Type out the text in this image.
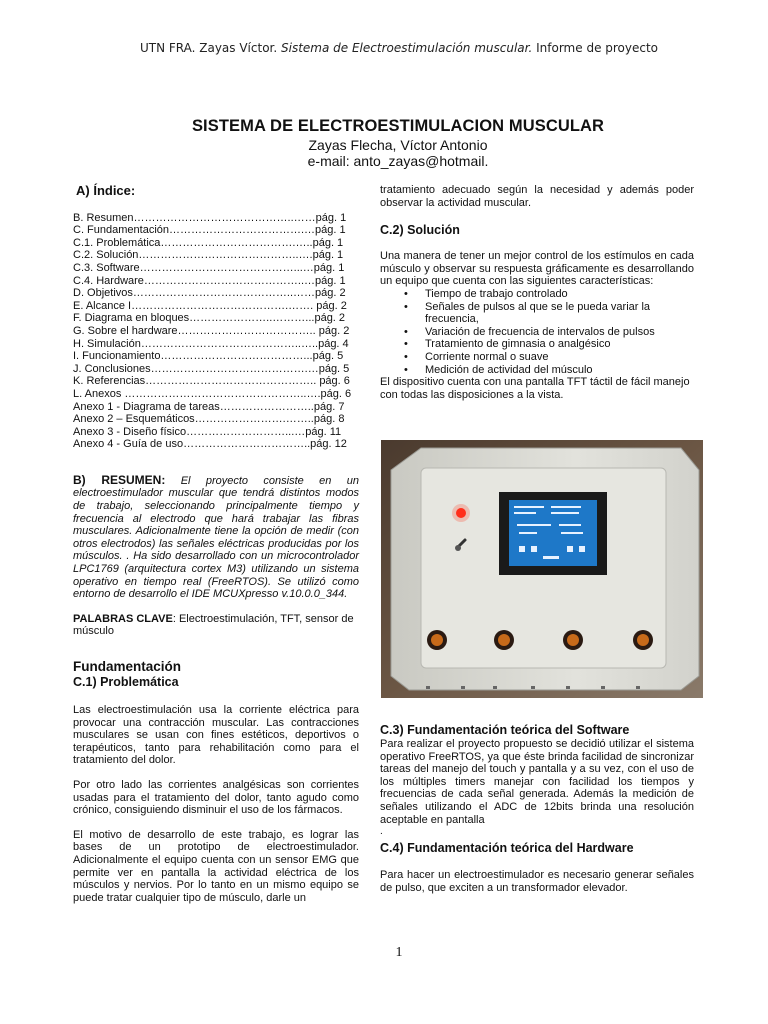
UTN FRA. Zayas Víctor. Sistema de Electroestimulación muscular. Informe de proyecto
SISTEMA DE ELECTROESTIMULACION MUSCULAR
Zayas Flecha, Víctor Antonio
e-mail: anto_zayas@hotmail.
A) Índice:
B. Resumen……………………………………..……pág. 1
C. Fundamentación……………………………….…pág. 1
C.1. Problemática……………………………….…..pág. 1
C.2. Solución……………………………………..….pág. 1
C.3. Software……………………………………...…pág. 1
C.4. Hardware……………………………………..…pág. 1
D. Objetivos……………………………………..……pág. 2
E. Alcance I…………………………………….……. pág. 2
F. Diagrama en bloques…………………..………...pág. 2
G. Sobre el hardware……………………………….. pág. 2
H. Simulación……………………………………..…..pág. 4
I. Funcionamiento…………………………………...pág. 5
J. Conclusiones…………………………………….…pág. 5
K. Referencias……………………………………….. pág. 6
L. Anexos …………………………………………..….pág. 6
Anexo 1 - Diagrama de tareas……………………..pág. 7
Anexo 2 – Esquemáticos…………………….……..pág. 8
Anexo 3 - Diseño físico………………………...…pág. 11
Anexo 4 - Guía de uso……………………………..pág. 12

B) RESUMEN: El proyecto consiste en un electroestimulador muscular que tendrá distintos modos de trabajo, seleccionando principalmente tiempo y frecuencia al electrodo que hará trabajar las fibras musculares. Adicionalmente tiene la opción de medir (con otros electrodos) las señales eléctricas producidas por los músculos. . Ha sido desarrollado con un microcontrolador LPC1769 (arquitectura cortex M3) utilizando un sistema operativo en tiempo real (FreeRTOS). Se utilizó como entorno de desarrollo el IDE MCUXpresso v.10.0.0_344.

PALABRAS CLAVE: Electroestimulación, TFT, sensor de músculo

Fundamentación
C.1) Problemática

Las electroestimulación usa la corriente eléctrica para provocar una contracción muscular. Las contracciones musculares se usan con fines estéticos, deportivos o terapéuticos, tanto para rehabilitación como para el tratamiento del dolor.

Por otro lado las corrientes analgésicas son corrientes usadas para el tratamiento del dolor, tanto agudo como crónico, consiguiendo disminuir el uso de los fármacos.

El motivo de desarrollo de este trabajo, es lograr las bases de un prototipo de electroestimulador. Adicionalmente el equipo cuenta con un sensor EMG que permite ver en pantalla la actividad eléctrica de los músculos y nervios. Por lo tanto en un mismo equipo se puede tratar cualquier tipo de músculo, darle un

tratamiento adecuado según la necesidad y además poder observar la actividad muscular.

C.2) Solución

Una manera de tener un mejor control de los estímulos en cada músculo y observar su respuesta gráficamente es desarrollando un equipo que cuenta con las siguientes características:

• Tiempo de trabajo controlado
• Señales de pulsos al que se le pueda variar la frecuencia,
• Variación de frecuencia de intervalos de pulsos
• Tratamiento de gimnasia o analgésico
• Corriente normal o suave
• Medición de actividad del músculo

El dispositivo cuenta con una pantalla TFT táctil de fácil manejo con todas las disposiciones a la vista.

C.3) Fundamentación teórica del Software

Para realizar el proyecto propuesto se decidió utilizar el sistema operativo FreeRTOS, ya que éste brinda facilidad de sincronizar tareas del manejo del touch y pantalla y a su vez, con el uso de los múltiples timers manejar con facilidad los tiempos y frecuencias de cada señal generada. Además la medición de señales utilizando el ADC de 12bits brinda una resolución aceptable en pantalla

.
C.4) Fundamentación teórica del Hardware

Para hacer un electroestimulador es necesario generar señales de pulso, que exciten a un transformador elevador.

1
